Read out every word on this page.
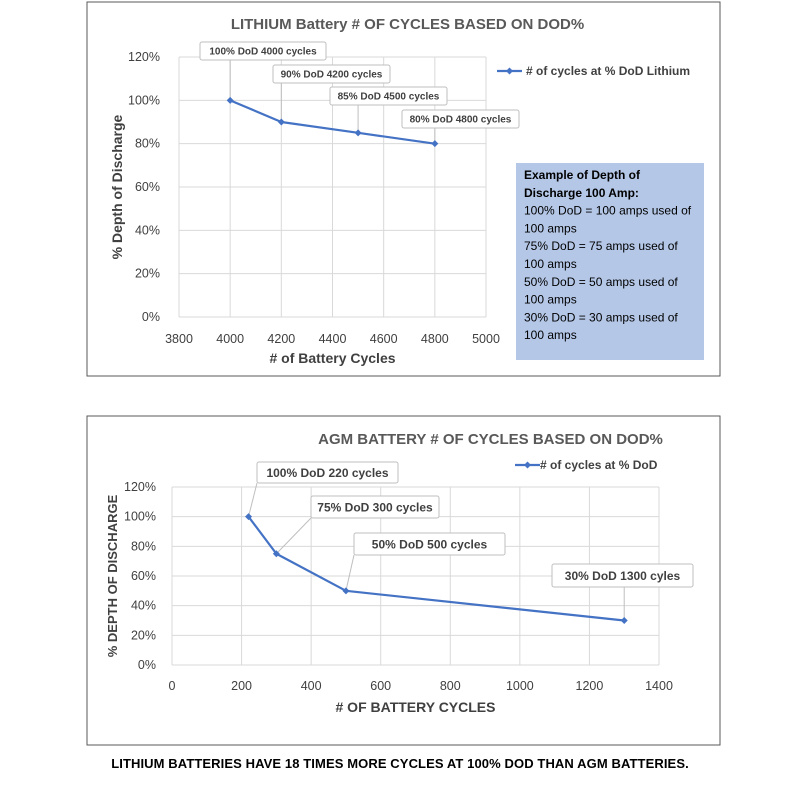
LITHIUM Battery # OF CYCLES BASED ON DOD%
0%
20%
40%
60%
80%
100%
120%
3800 4000 4200 4400 4600 4800 5000
# of Battery Cycles
% Depth of Discharge
100% DoD 4000 cycles
90% DoD 4200 cycles
85% DoD 4500 cycles
80% DoD 4800 cycles
# of cycles at % DoD Lithium
Example of Depth of
Discharge 100 Amp:
100% DoD = 100 amps used of
100 amps
75% DoD = 75 amps used of
100 amps
50% DoD = 50 amps used of
100 amps
30% DoD = 30 amps used of
100 amps
AGM BATTERY # OF CYCLES BASED ON DOD%
0%
20%
40%
60%
80%
100%
120%
0	200	400	600	800	1000	1200	1400
# OF BATTERY CYCLES
% DEPTH OF DISCHARGE
100% DoD 220 cycles
75% DoD 300 cycles
50% DoD 500 cycles
30% DoD 1300 cyles
# of cycles at % DoD
LITHIUM BATTERIES HAVE 18 TIMES MORE CYCLES AT 100% DOD THAN AGM BATTERIES.
